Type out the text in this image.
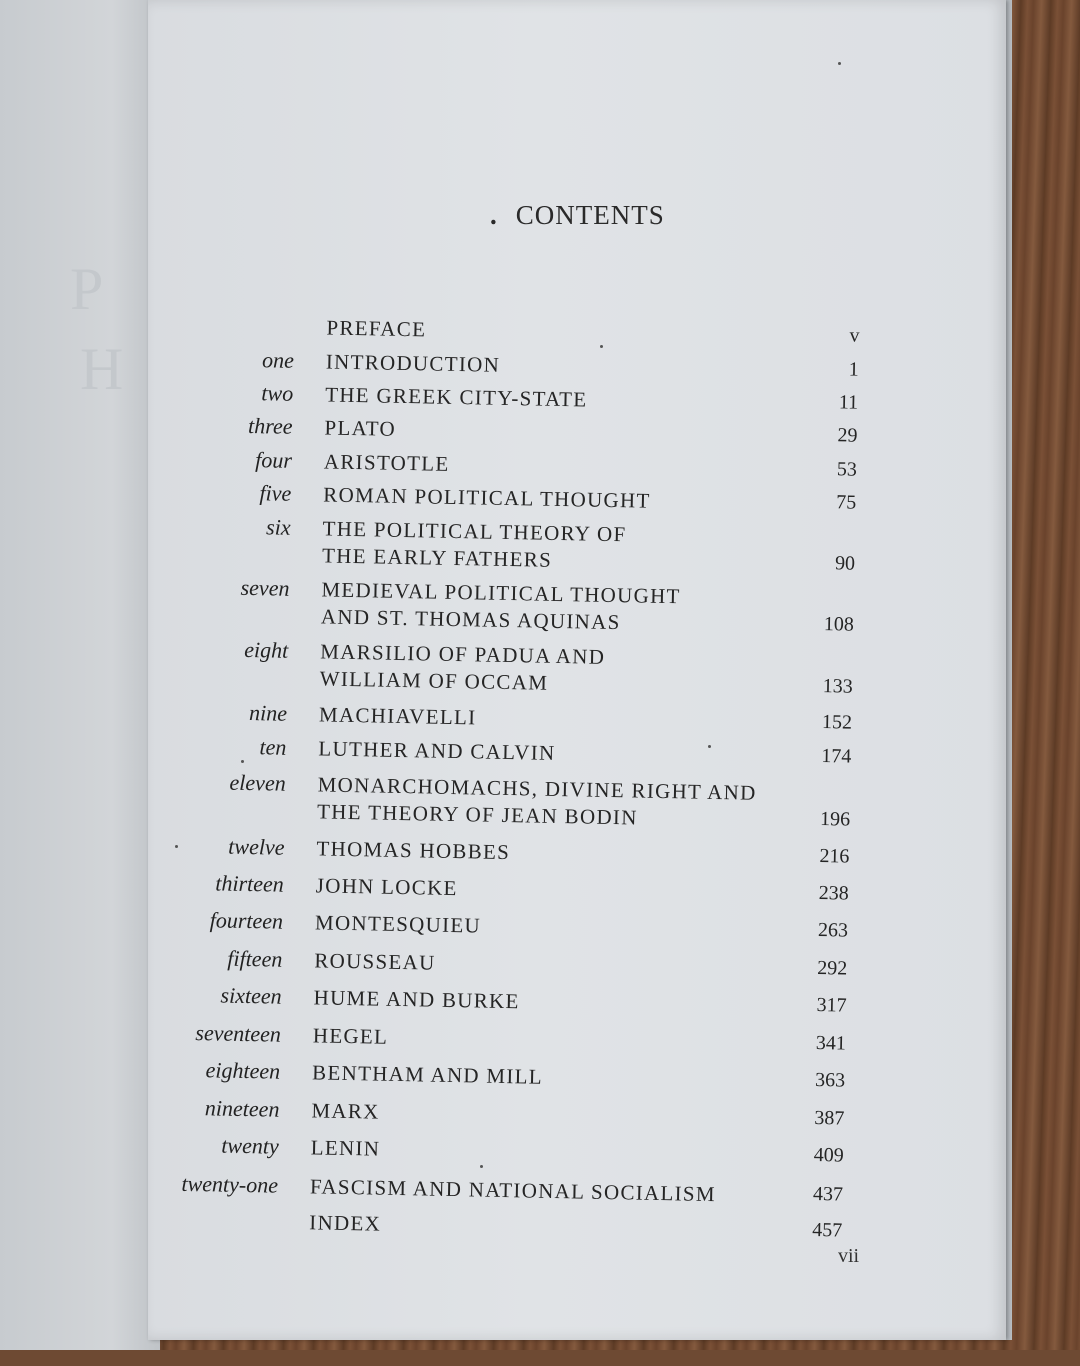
P
H
. CONTENTS
PREFACE	v
one INTRODUCTION	1
two THE GREEK CITY-STATE	11
three PLATO	29
four ARISTOTLE	53
five ROMAN POLITICAL THOUGHT	75
six THE POLITICAL THEORY OF
THE EARLY FATHERS	90
seven MEDIEVAL POLITICAL THOUGHT
AND ST. THOMAS AQUINAS	108
eight MARSILIO OF PADUA AND
WILLIAM OF OCCAM	133
nine MACHIAVELLI	152
ten LUTHER AND CALVIN	174
eleven MONARCHOMACHS, DIVINE RIGHT AND
THE THEORY OF JEAN BODIN	196
twelve THOMAS HOBBES	216
thirteen JOHN LOCKE	238
fourteen MONTESQUIEU	263
fifteen ROUSSEAU	292
sixteen HUME AND BURKE	317
seventeen HEGEL	341
eighteen BENTHAM AND MILL	363
nineteen MARX	387
twenty LENIN	409
twenty-one FASCISM AND NATIONAL SOCIALISM	437
INDEX	457
vii
